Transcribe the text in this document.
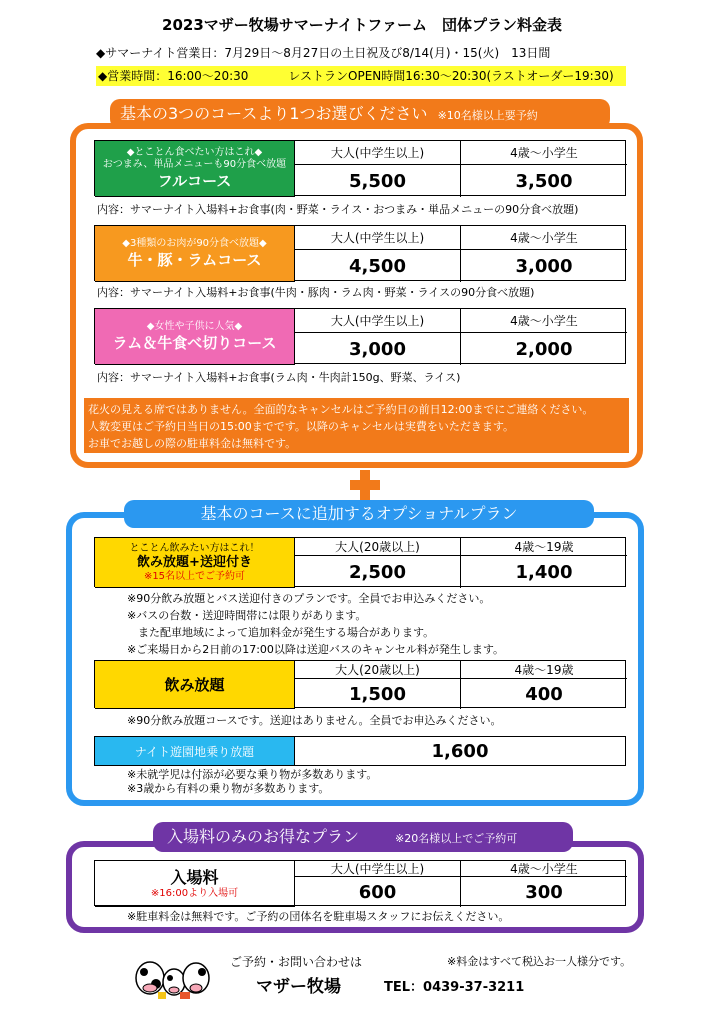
2023マザー牧場サマーナイトファーム　団体プラン料金表
◆サマーナイト営業日：7月29日～8月27日の土日祝及び8/14(月)・15(火)　13日間
◆営業時間：16:00～20:30	レストランOPEN時間16:30～20:30(ラストオーダー19:30)
基本の3つのコースより1つお選びください ※10名様以上要予約
◆とことん食べたい方はこれ◆
おつまみ、単品メニューも90分食べ放題
フルコース
大人(中学生以上)	4歳～小学生
5,500	3,500
内容：サマーナイト入場料+お食事(肉・野菜・ライス・おつまみ・単品メニューの90分食べ放題)
◆3種類のお肉が90分食べ放題◆
牛・豚・ラムコース
大人(中学生以上)	4歳～小学生
4,500	3,000
内容：サマーナイト入場料+お食事(牛肉・豚肉・ラム肉・野菜・ライスの90分食べ放題)
◆女性や子供に人気◆
ラム＆牛食べ切りコース
大人(中学生以上)	4歳～小学生
3,000	2,000
内容：サマーナイト入場料+お食事(ラム肉・牛肉計150g、野菜、ライス)
花火の見える席ではありません。全面的なキャンセルはご予約日の前日12:00までにご連絡ください。
人数変更はご予約日当日の15:00までです。以降のキャンセルは実費をいただきます。
お車でお越しの際の駐車料金は無料です。
基本のコースに追加するオプショナルプラン
とことん飲みたい方はこれ！
飲み放題+送迎付き
※15名以上でご予約可
大人(20歳以上)	4歳～19歳
2,500	1,400
※90分飲み放題とバス送迎付きのプランです。全員でお申込みください。
※バスの台数・送迎時間帯には限りがあります。
　また配車地域によって追加料金が発生する場合があります。
※ご来場日から2日前の17:00以降は送迎バスのキャンセル料が発生します。
飲み放題
大人(20歳以上)	4歳～19歳
1,500	400
※90分飲み放題コースです。送迎はありません。全員でお申込みください。
ナイト遊園地乗り放題	1,600
※未就学児は付添が必要な乗り物が多数あります。
※3歳から有料の乗り物が多数あります。
入場料のみのお得なプラン	※20名様以上でご予約可
入場料
※16:00より入場可
大人(中学生以上)	4歳～小学生
600	300
※駐車料金は無料です。ご予約の団体名を駐車場スタッフにお伝えください。
ご予約・お問い合わせは	※料金はすべて税込お一人様分です。
マザー牧場	TEL：0439-37-3211
